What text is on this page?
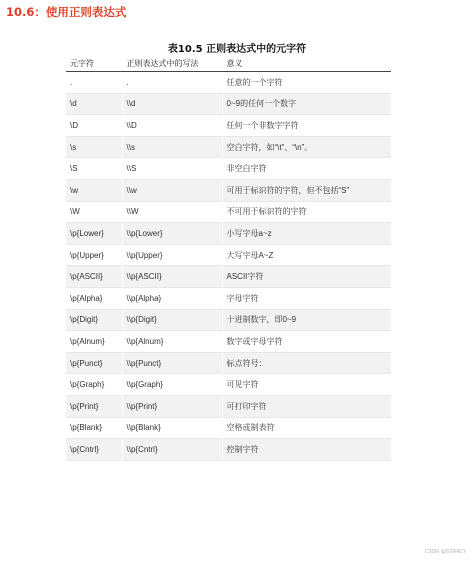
10.6：使用正则表达式
表10.5 正则表达式中的元字符
元字符	正则表达式中的写法	意义
.	.	任意的一个字符
\d	\\d	0~9的任何一个数字
\D	\\D	任何一个非数字字符
\s	\\s	空白字符，如“\t”、“\n”。
\S	\\S	非空白字符
\w	\\w	可用于标识符的字符，但不包括“S”
\W	\\W	不可用于标识符的字符
\p{Lower}	\\p{Lower}	小写字母a~z
\p{Upper}	\\p{Upper}	大写字母A~Z
\p{ASCII}	\\p{ASCII}	ASCII字符
\p{Alpha}	\\p{Alpha}	字母字符
\p{Digit}	\\p{Digit}	十进制数字，即0~9
\p{Alnum}	\\p{Alnum}	数字或字母字符
\p{Punct}	\\p{Punct}	标点符号：
\p{Graph}	\\p{Graph}	可见字符
\p{Print}	\\p{Print}	可打印字符
\p{Blank}	\\p{Blank}	空格或制表符
\p{Cntrl}	\\p{Cntrl}	控制字符
CSDN @JSTARCY
